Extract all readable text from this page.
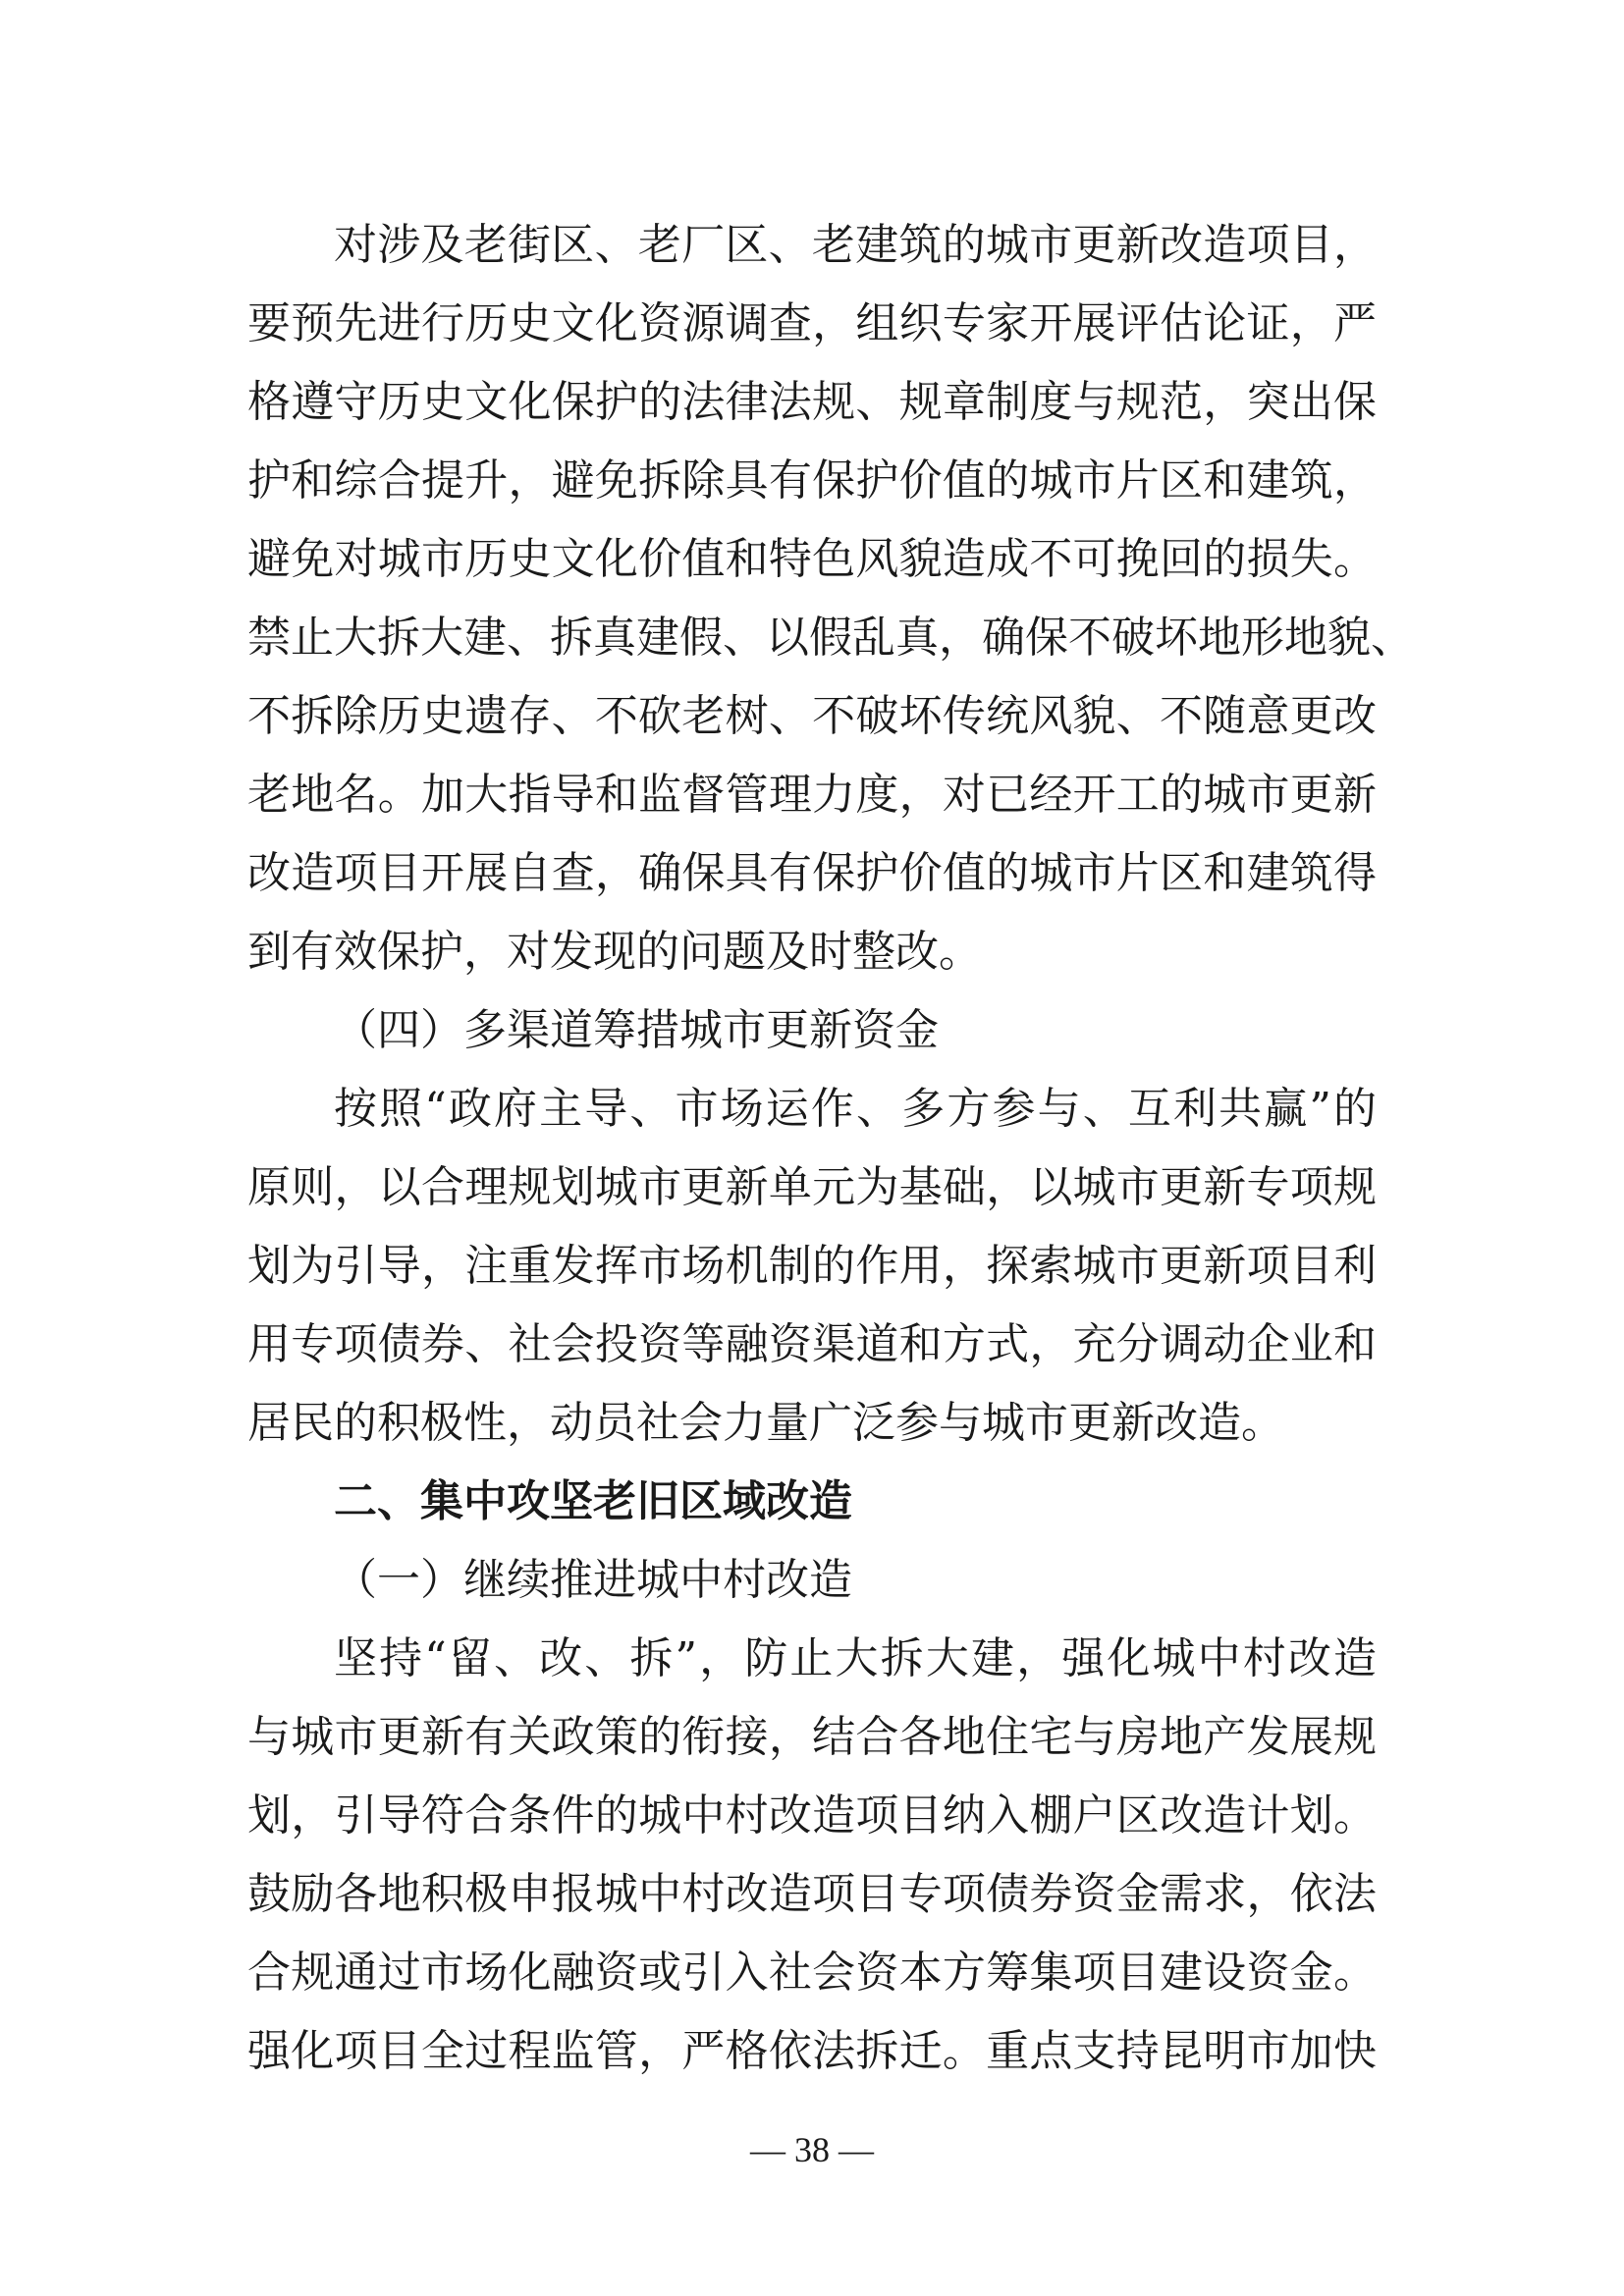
对涉及老街区、老厂区、老建筑的城市更新改造项目，
要预先进行历史文化资源调查，组织专家开展评估论证，严
格遵守历史文化保护的法律法规、规章制度与规范，突出保
护和综合提升，避免拆除具有保护价值的城市片区和建筑，
避免对城市历史文化价值和特色风貌造成不可挽回的损失。
禁止大拆大建、拆真建假、以假乱真，确保不破坏地形地貌、
不拆除历史遗存、不砍老树、不破坏传统风貌、不随意更改
老地名。加大指导和监督管理力度，对已经开工的城市更新
改造项目开展自查，确保具有保护价值的城市片区和建筑得
到有效保护，对发现的问题及时整改。
（四）多渠道筹措城市更新资金
按照“政府主导、市场运作、多方参与、互利共赢”的
原则，以合理规划城市更新单元为基础，以城市更新专项规
划为引导，注重发挥市场机制的作用，探索城市更新项目利
用专项债券、社会投资等融资渠道和方式，充分调动企业和
居民的积极性，动员社会力量广泛参与城市更新改造。
二、集中攻坚老旧区域改造
（一）继续推进城中村改造
坚持“留、改、拆”，防止大拆大建，强化城中村改造
与城市更新有关政策的衔接，结合各地住宅与房地产发展规
划，引导符合条件的城中村改造项目纳入棚户区改造计划。
鼓励各地积极申报城中村改造项目专项债券资金需求，依法
合规通过市场化融资或引入社会资本方筹集项目建设资金。
强化项目全过程监管，严格依法拆迁。重点支持昆明市加快
— 38 —
